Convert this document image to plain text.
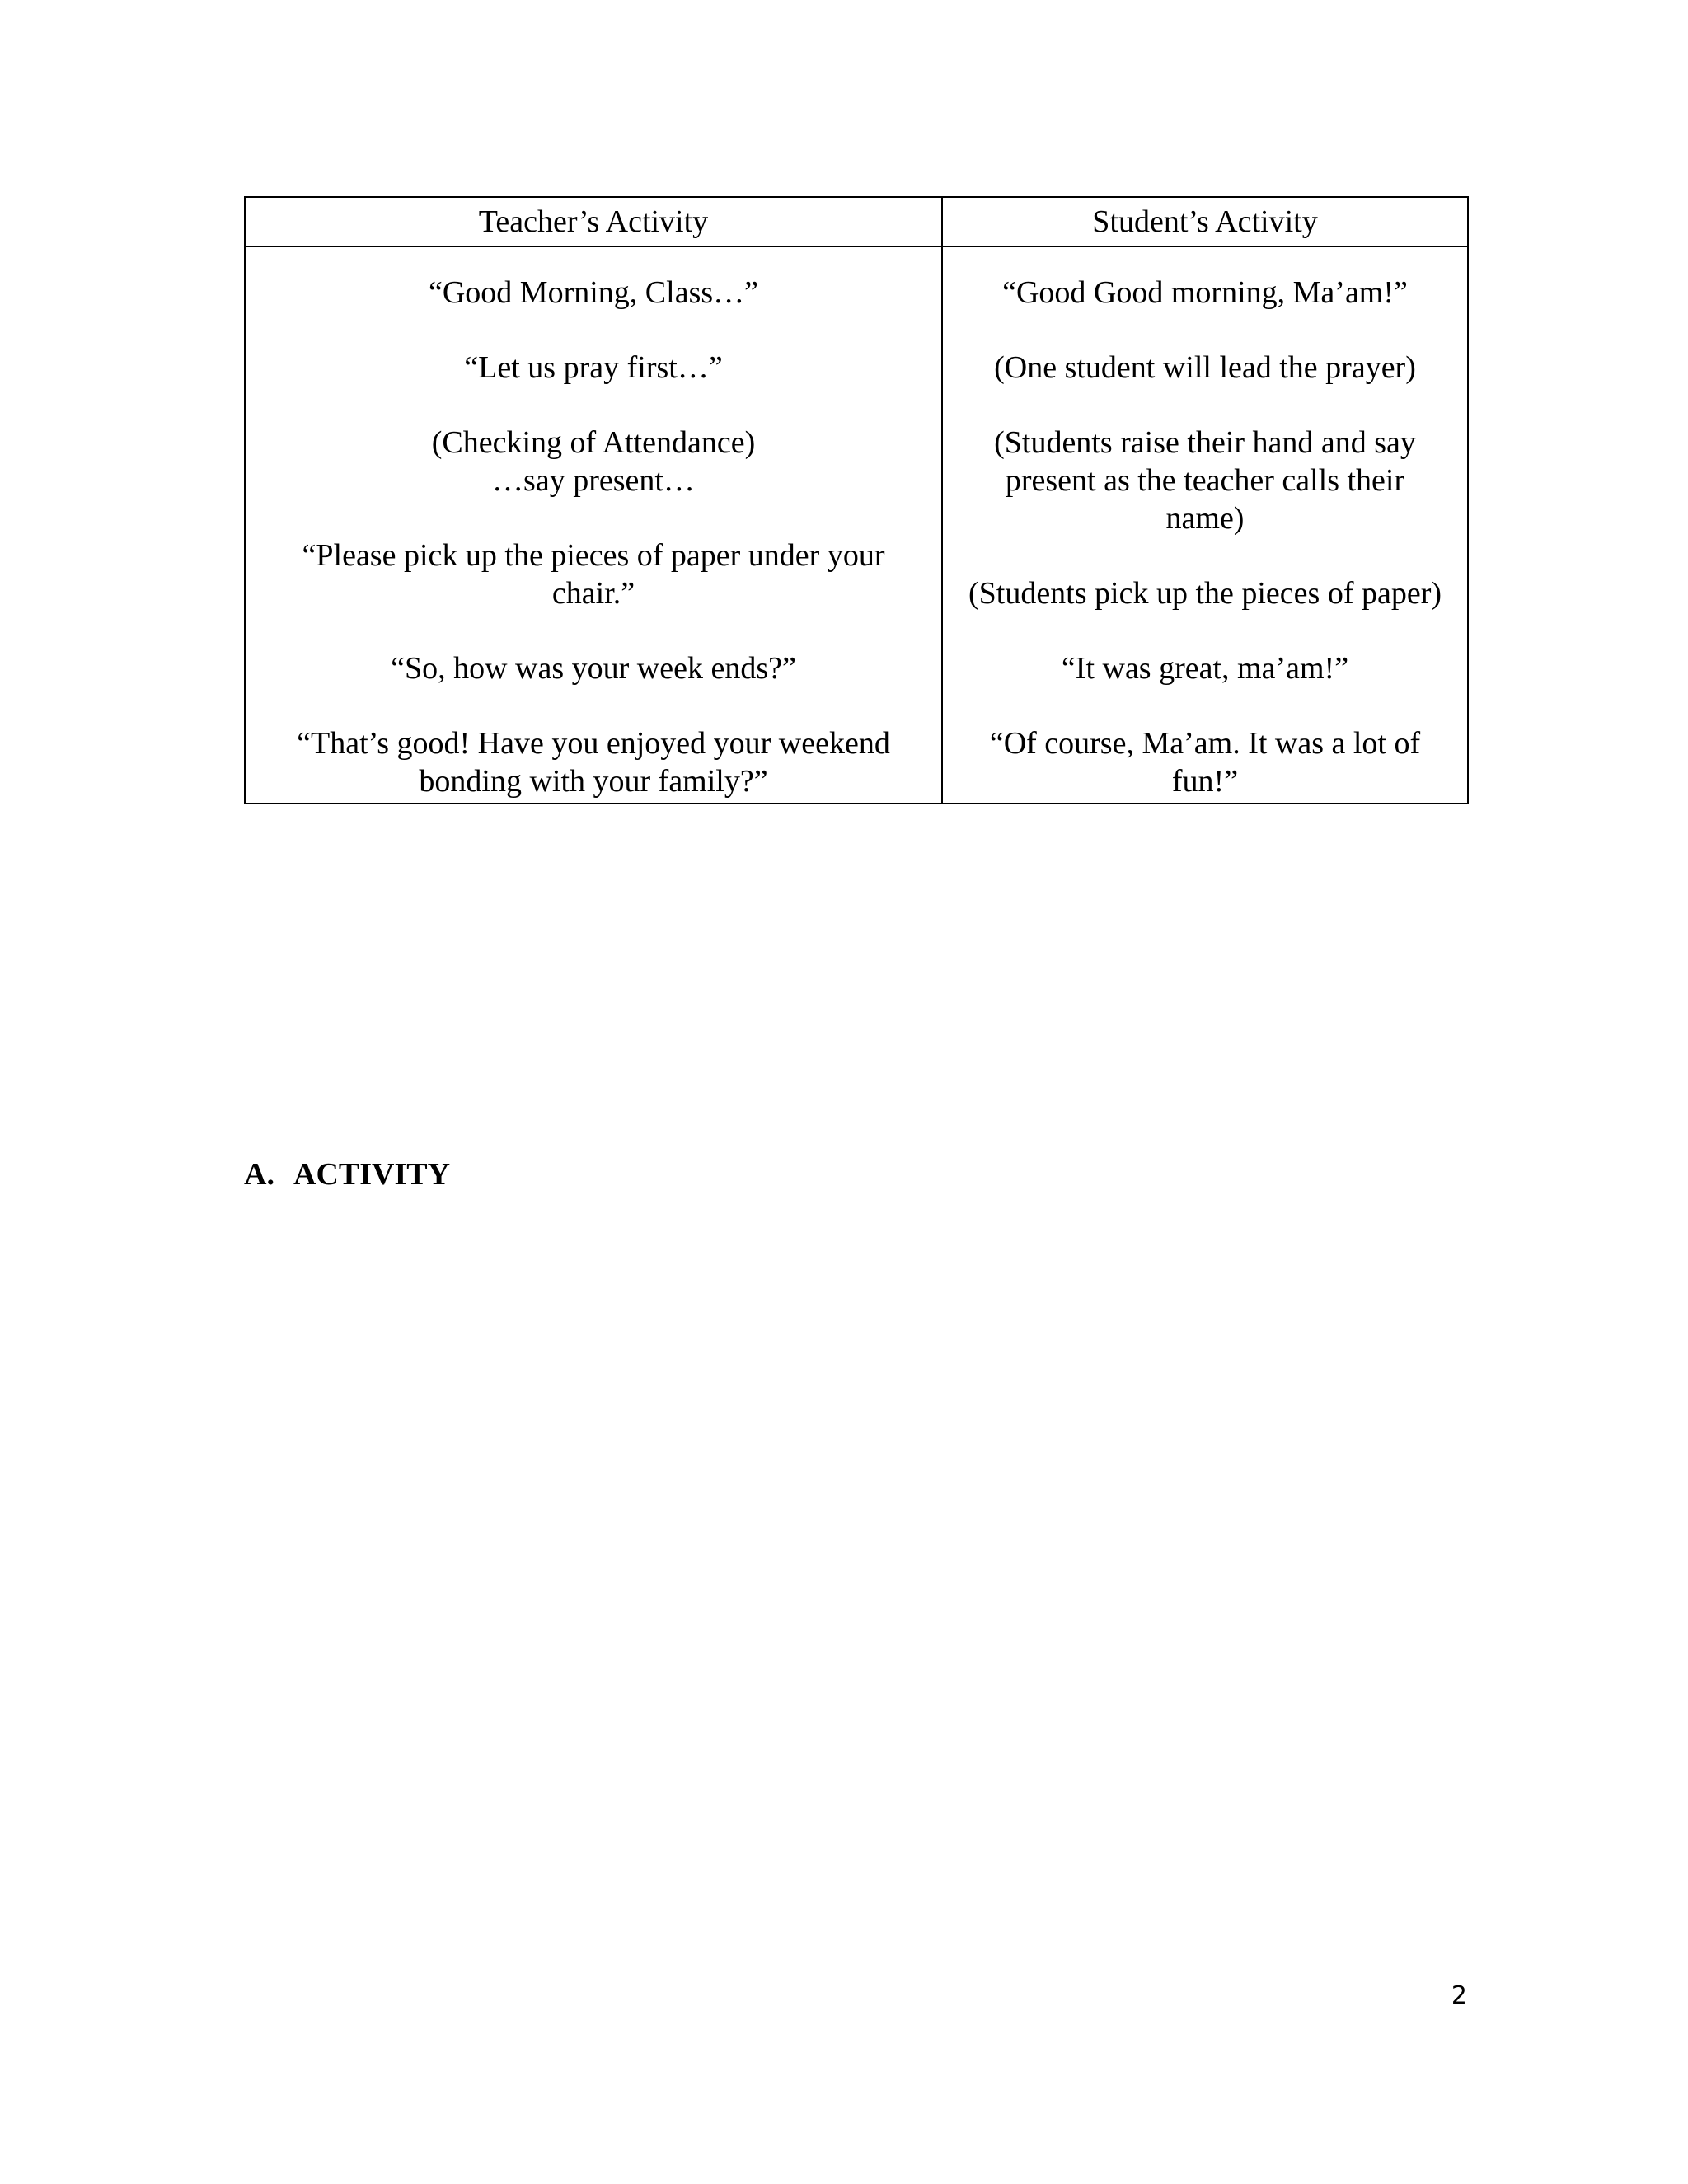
Teacher’s Activity	Student’s Activity
“Good Morning, Class…”
“Let us pray first…”
(Checking of Attendance)
…say present…
“Please pick up the pieces of paper under your
chair.”
“So, how was your week ends?”
“That’s good! Have you enjoyed your weekend
bonding with your family?”
“Good Good morning, Ma’am!”
(One student will lead the prayer)
(Students raise their hand and say
present as the teacher calls their
name)
(Students pick up the pieces of paper)
“It was great, ma’am!”
“Of course, Ma’am. It was a lot of
fun!”
A. ACTIVITY
2
